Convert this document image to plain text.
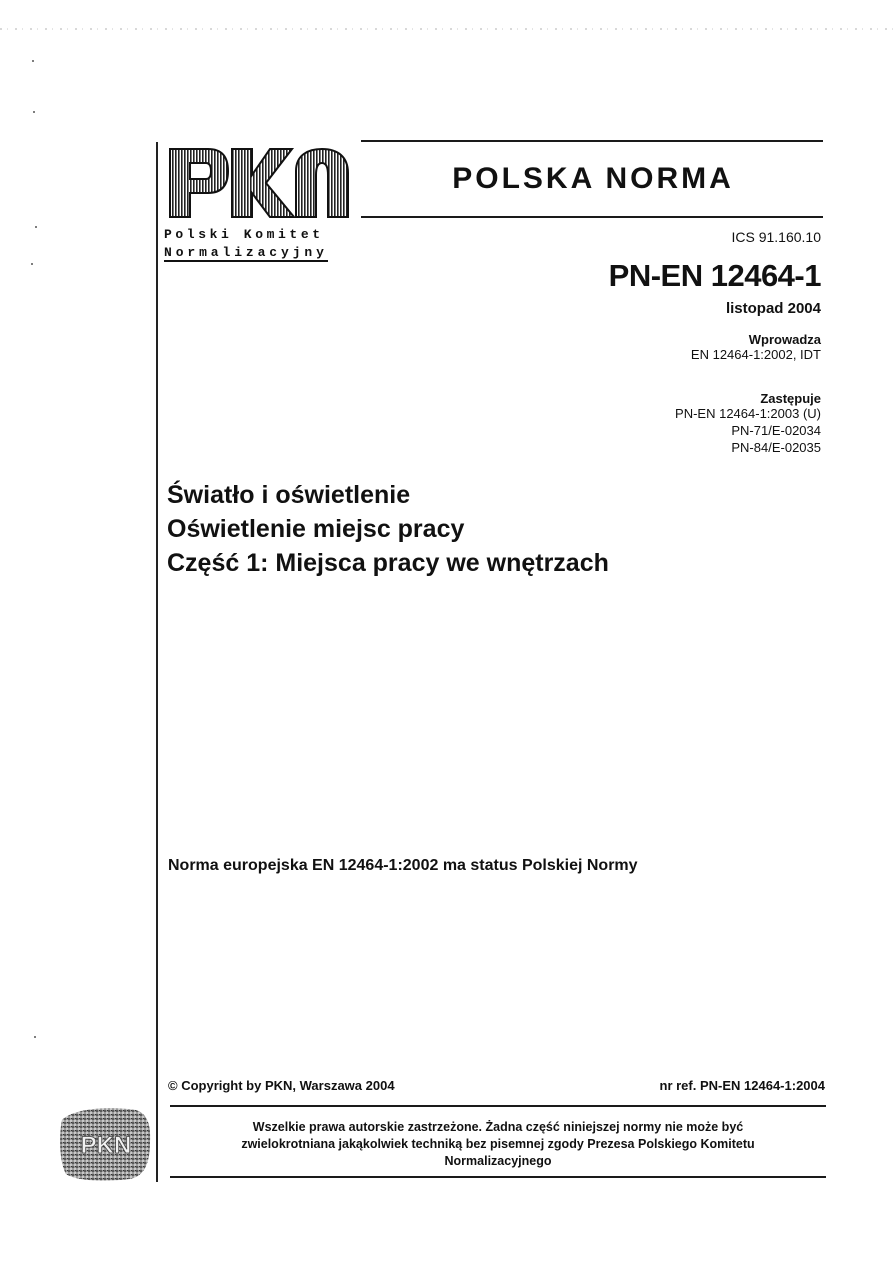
Polski Komitet
Normalizacyjny
POLSKA NORMA
ICS 91.160.10
PN-EN 12464-1
listopad 2004
Wprowadza
EN 12464-1:2002, IDT
Zastępuje
PN-EN 12464-1:2003 (U)
PN-71/E-02034
PN-84/E-02035
Światło i oświetlenie
Oświetlenie miejsc pracy
Część 1: Miejsca pracy we wnętrzach
Norma europejska EN 12464-1:2002 ma status Polskiej Normy
© Copyright by PKN, Warszawa 2004	nr ref. PN-EN 12464-1:2004
Wszelkie prawa autorskie zastrzeżone. Żadna część niniejszej normy nie może być
zwielokrotniana jakąkolwiek techniką bez pisemnej zgody Prezesa Polskiego Komitetu
Normalizacyjnego
PKN
